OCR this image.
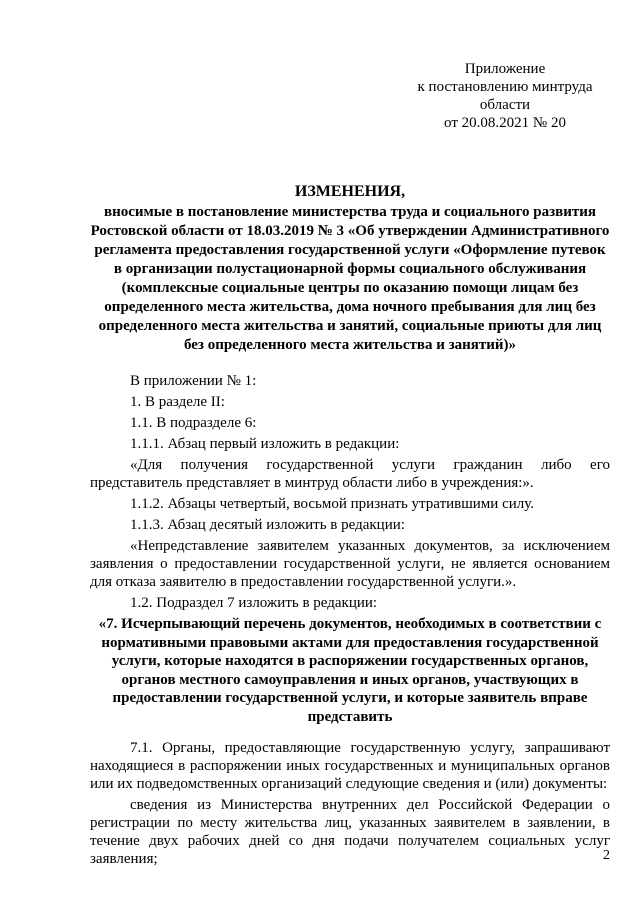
Приложение
к постановлению минтруда
области
от 20.08.2021 № 20
ИЗМЕНЕНИЯ,
вносимые в постановление министерства труда и социального развития Ростовской области от 18.03.2019 № 3 «Об утверждении Административного регламента предоставления государственной услуги «Оформление путевок в организации полустационарной формы социального обслуживания (комплексные социальные центры по оказанию помощи лицам без определенного места жительства, дома ночного пребывания для лиц без определенного места жительства и занятий, социальные приюты для лиц без определенного места жительства и занятий)»

В приложении № 1:

1. В разделе II:

1.1. В подразделе 6:

1.1.1. Абзац первый изложить в редакции:

«Для получения государственной услуги гражданин либо его представитель представляет в минтруд области либо в учреждения:».

1.1.2. Абзацы четвертый, восьмой признать утратившими силу.

1.1.3. Абзац десятый изложить в редакции:

«Непредставление заявителем указанных документов, за исключением заявления о предоставлении государственной услуги, не является основанием для отказа заявителю в предоставлении государственной услуги.».

1.2. Подраздел 7 изложить в редакции:

«7. Исчерпывающий перечень документов, необходимых в соответствии с нормативными правовыми актами для предоставления государственной услуги, которые находятся в распоряжении государственных органов, органов местного самоуправления и иных органов, участвующих в предоставлении государственной услуги, и которые заявитель вправе представить

7.1. Органы, предоставляющие государственную услугу, запрашивают находящиеся в распоряжении иных государственных и муниципальных органов или их подведомственных организаций следующие сведения и (или) документы:

сведения из Министерства внутренних дел Российской Федерации о регистрации по месту жительства лиц, указанных заявителем в заявлении, в течение двух рабочих дней со дня подачи получателем социальных услуг заявления;	2
